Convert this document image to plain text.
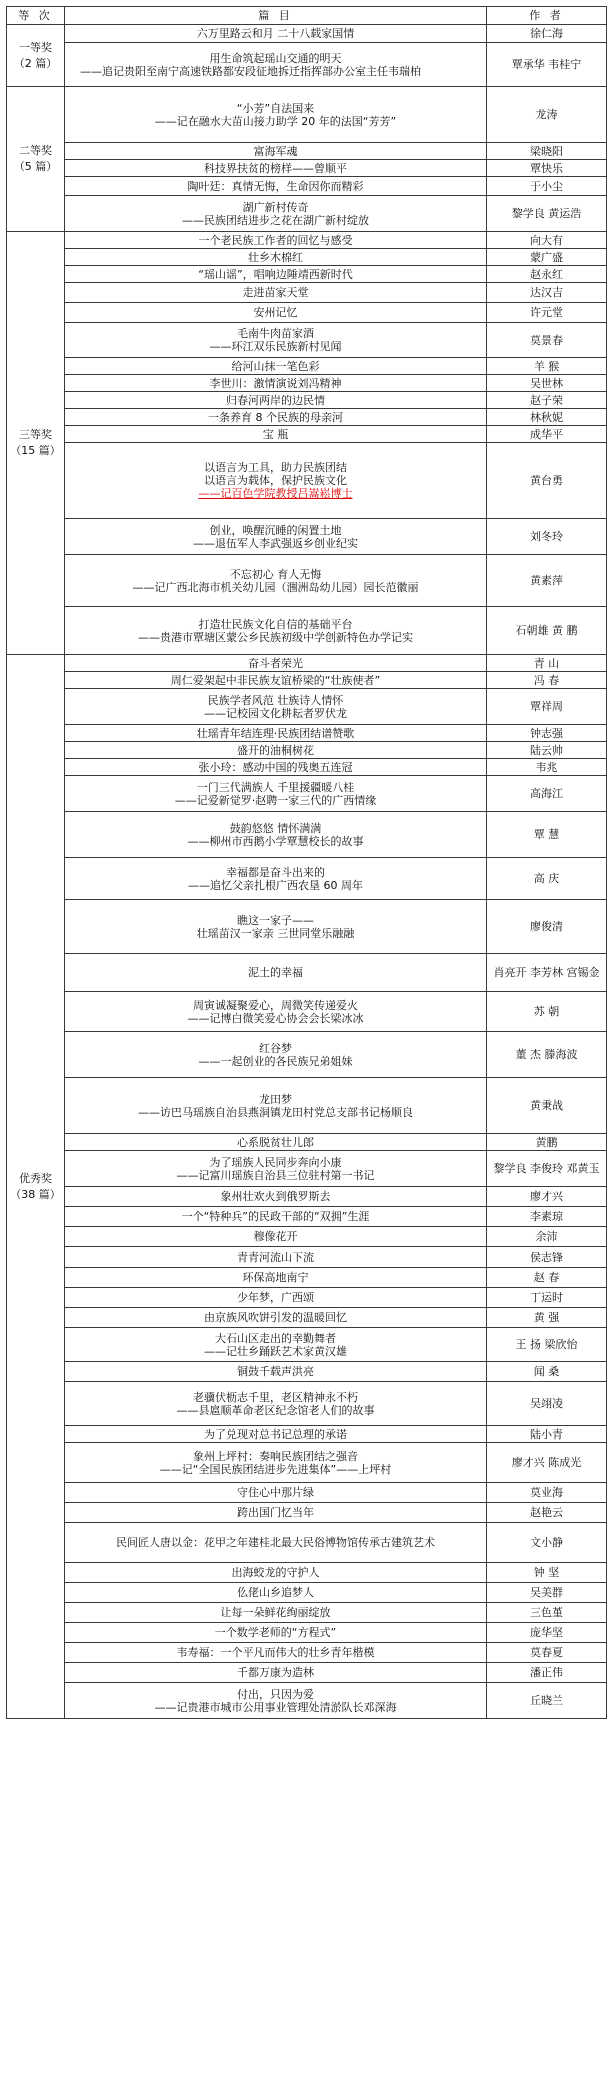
等 次	篇 目	作 者

一等奖
（2 篇）	六万里路云和月 二十八载家国情	徐仁海

	用生命筑起瑶山交通的明天
——追记贵阳至南宁高速铁路都安段征地拆迁指挥部办公室主任韦瑞柏	覃承华 韦桂宁

二等奖
（5 篇）	“小芳”自法国来
——记在融水大苗山接力助学 20 年的法国“芳芳”	龙涛

	富海军魂	梁晓阳

	科技界扶贫的榜样——曾顺平	覃快乐

	陶叶廷：真情无悔，生命因你而精彩	于小尘

	湖广新村传奇
——民族团结进步之花在湖广新村绽放	黎学良 黄运浩

三等奖
（15 篇）	一个老民族工作者的回忆与感受	向大有

	壮乡木棉红	蒙广盛

	“瑶山谣”，唱响边陲靖西新时代	赵永红

	走进苗家天堂	达汉吉

	安州记忆	许元堂

	毛南牛肉苗家酒
——环江双乐民族新村见闻	莫景春

	给河山抹一笔色彩	羊 猴

	李世川：激情演说刘冯精神	吴世林

	归春河两岸的边民情	赵子荣

	一条养育 8 个民族的母亲河	林秋妮

	宝 瓶	成华平

	以语言为工具，助力民族团结
以语言为载体，保护民族文化
——记百色学院教授吕嵩崧博士	黄台勇

	创业，唤醒沉睡的闲置土地
——退伍军人李武强返乡创业纪实	刘冬玲

	不忘初心 育人无悔
——记广西北海市机关幼儿园（涠洲岛幼儿园）园长范徽丽	黄素萍

	打造壮民族文化自信的基础平台
——贵港市覃塘区蒙公乡民族初级中学创新特色办学记实	石朝雄 黄 鹏

优秀奖
（38 篇）	奋斗者荣光	青 山

	周仁爱架起中非民族友谊桥梁的“壮族使者”	冯 春

	民族学者风范 壮族诗人情怀
——记校园文化耕耘者罗伏龙	覃祥周

	壮瑶青年结连理·民族团结谱赞歌	钟志强

	盛开的油桐树花	陆云帅

	张小玲：感动中国的残奥五连冠	韦兆

	一门三代满族人 千里援疆暖八桂
——记爱新觉罗·赵聘一家三代的广西情缘	高海江

	鼓韵悠悠 情怀满满
——柳州市西鹅小学覃慧校长的故事	覃 慧

	幸福都是奋斗出来的
——追忆父亲扎根广西农垦 60 周年	高 庆

	瞧这一家子——
壮瑶苗汉一家亲 三世同堂乐融融	廖俊清

	泥土的幸福	肖亮开 李芳林 宫锡金

	周寅诚凝聚爱心，周微笑传递爱火
——记博白微笑爱心协会会长梁冰冰	苏 朝

	红谷梦
——一起创业的各民族兄弟姐妹	董 杰 滕海波

	龙田梦
——访巴马瑶族自治县燕洞镇龙田村党总支部书记杨顺良	黄秉战

	心系脱贫壮儿郎	黄鹏

	为了瑶族人民同步奔向小康
——记富川瑶族自治县三位驻村第一书记	黎学良 李俊玲 邓黄玉

	象州壮欢火到俄罗斯去	廖才兴

	一个“特种兵”的民政干部的“双拥”生涯	李素琼

	穆像花开	余沛

	青青河流山下流	侯志锋

	环保高地南宁	赵 春

	少年梦，广西颂	丁运时

	由京族风吹饼引发的温暖回忆	黄 强

	大石山区走出的幸勤舞者
——记壮乡踊跃艺术家黄汉雄	王 扬 梁欣怡

	铜鼓千载声洪亮	闻 桑

	老骥伏枥志千里，老区精神永不朽
——县扈顺革命老区纪念馆老人们的故事	吴翊凌

	为了兑现对总书记总理的承诺	陆小青

	象州上坪村：奏响民族团结之强音
——记“全国民族团结进步先进集体”——上坪村	廖才兴 陈成光

	守住心中那片绿	莫业海

	跨出国门忆当年	赵艳云

	民间匠人唐以金：花甲之年建桂北最大民俗博物馆传承古建筑艺术	文小静

	出海蛟龙的守护人	钟 坚

	仫佬山乡追梦人	吴美群

	让每一朵鲜花绚丽绽放	三色堇

	一个数学老师的“方程式”	庞华坚

	韦寿福：一个平凡而伟大的壮乡青年楷模	莫春夏

	千都万康为造林	潘正伟

	付出，只因为爱
——记贵港市城市公用事业管理处清淤队长邓深海	丘晓兰
